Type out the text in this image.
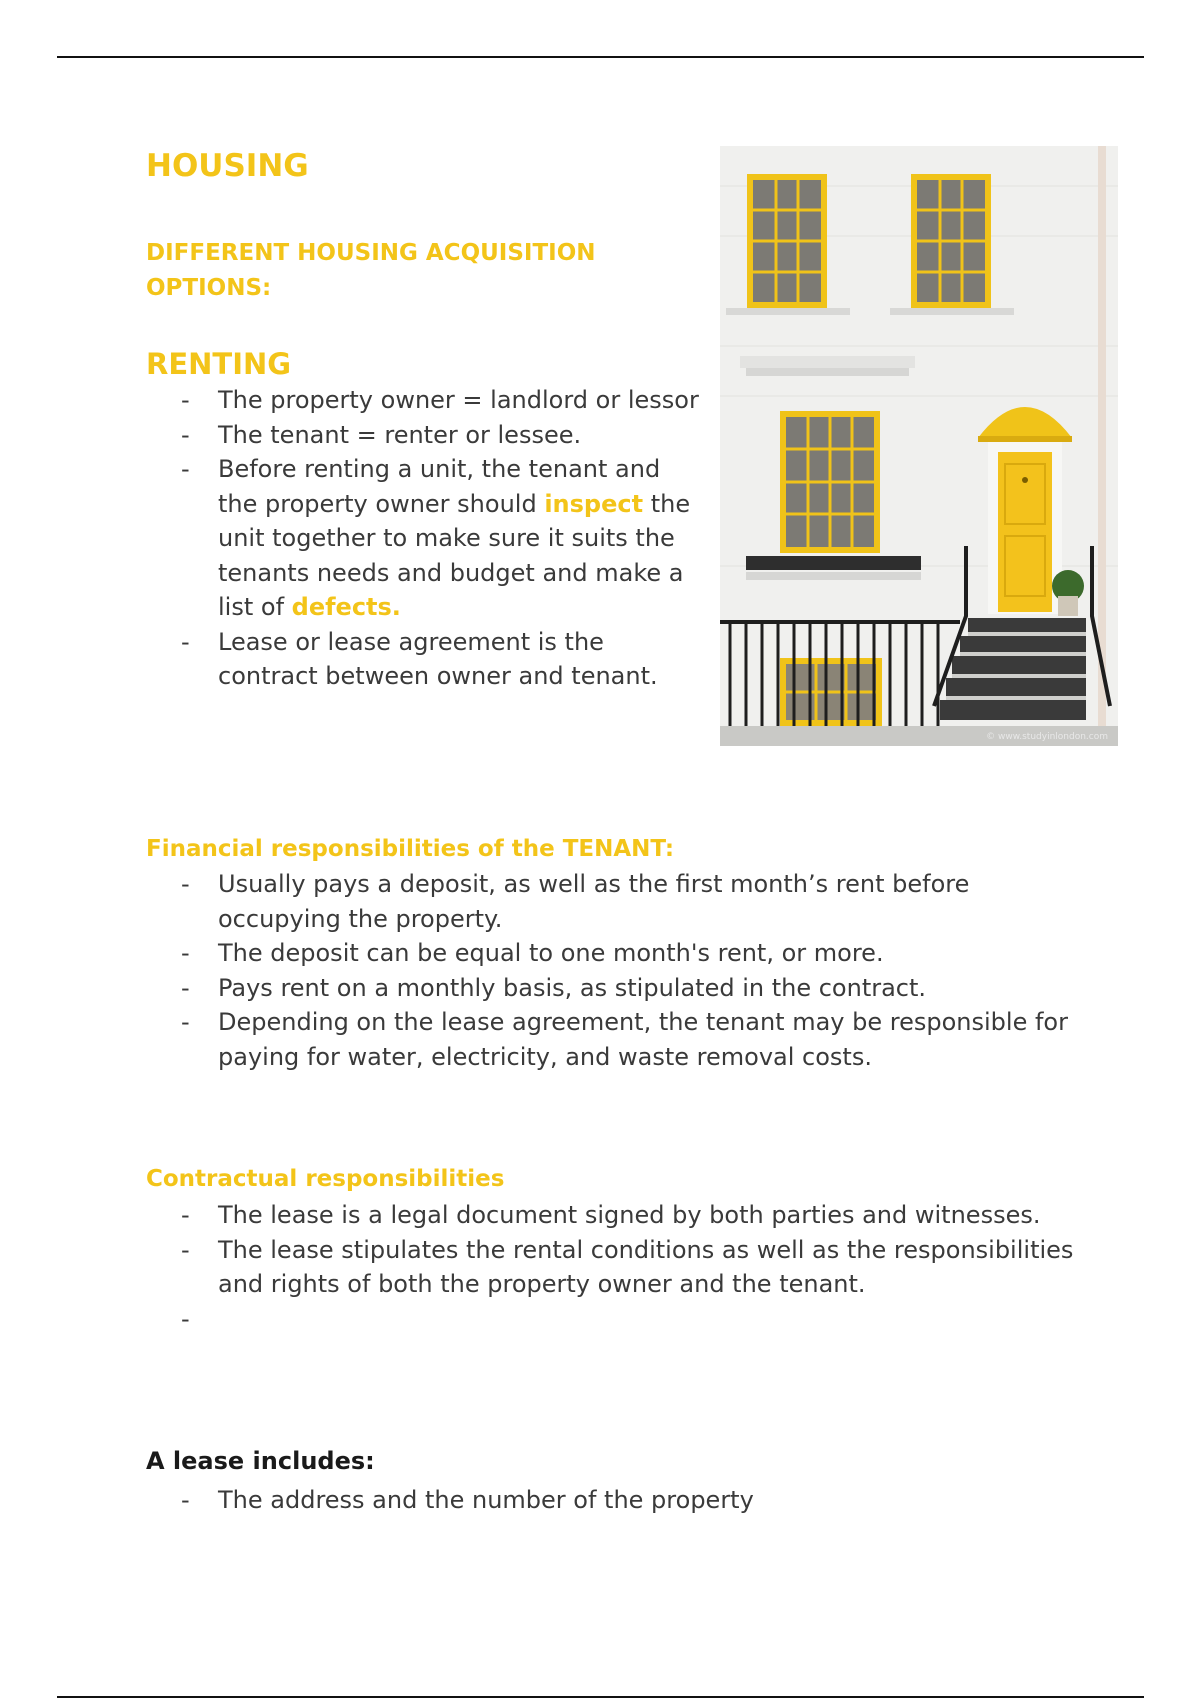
HOUSING
DIFFERENT HOUSING ACQUISITION OPTIONS:
RENTING
- The property owner = landlord or lessor
- The tenant = renter or lessee.
- Before renting a unit, the tenant and the property owner should inspect the unit together to make sure it suits the tenants needs and budget and make a list of defects.
- Lease or lease agreement is the contract between owner and tenant.
© www.studyinlondon.com
Financial responsibilities of the TENANT:
- Usually pays a deposit, as well as the first month’s rent before occupying the property.
- The deposit can be equal to one month's rent, or more.
- Pays rent on a monthly basis, as stipulated in the contract.
- Depending on the lease agreement, the tenant may be responsible for paying for water, electricity, and waste removal costs.
Contractual responsibilities
- The lease is a legal document signed by both parties and witnesses.
- The lease stipulates the rental conditions as well as the responsibilities and rights of both the property owner and the tenant.
-
A lease includes:
- The address and the number of the property
